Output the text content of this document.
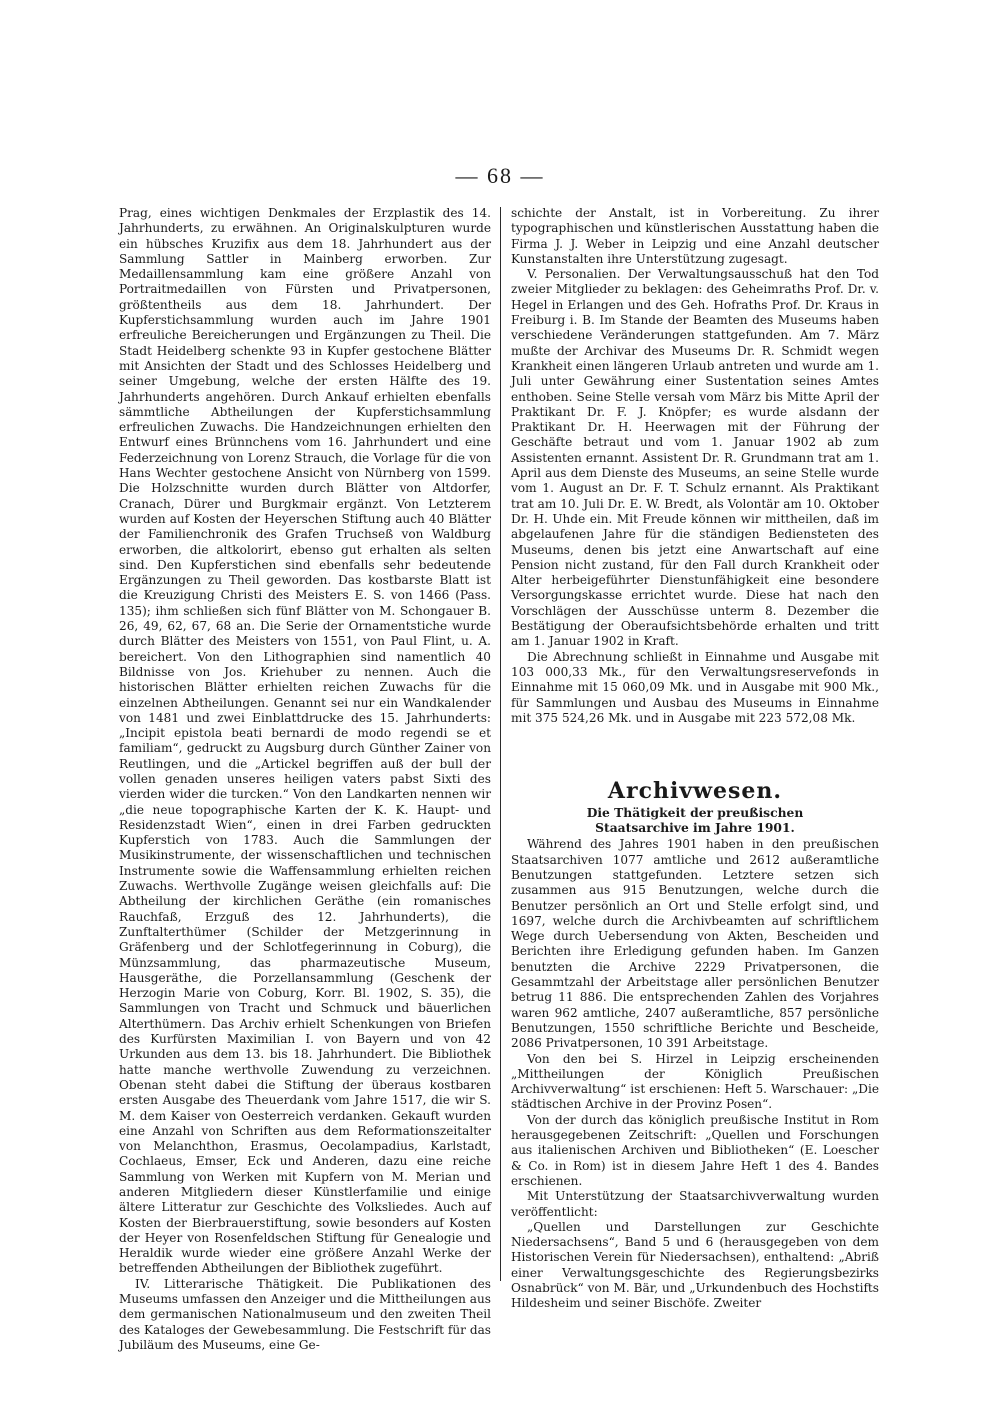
— 68 —

Prag, eines wichtigen Denkmales der Erzplastik des 14. Jahrhunderts, zu erwähnen. An Originalskulpturen wurde ein hübsches Kruzifix aus dem 18. Jahrhundert aus der Sammlung Sattler in Mainberg erworben. Zur Medaillensammlung kam eine größere Anzahl von Portraitmedaillen von Fürsten und Privatpersonen, größtentheils aus dem 18. Jahrhundert. Der Kupferstichsammlung wurden auch im Jahre 1901 erfreuliche Bereicherungen und Ergänzungen zu Theil. Die Stadt Heidelberg schenkte 93 in Kupfer gestochene Blätter mit Ansichten der Stadt und des Schlosses Heidelberg und seiner Umgebung, welche der ersten Hälfte des 19. Jahrhunderts angehören. Durch Ankauf erhielten ebenfalls sämmtliche Abtheilungen der Kupferstichsammlung erfreulichen Zuwachs. Die Handzeichnungen erhielten den Entwurf eines Brünnchens vom 16. Jahrhundert und eine Federzeichnung von Lorenz Strauch, die Vorlage für die von Hans Wechter gestochene Ansicht von Nürnberg von 1599. Die Holzschnitte wurden durch Blätter von Altdorfer, Cranach, Dürer und Burgkmair ergänzt. Von Letzterem wurden auf Kosten der Heyerschen Stiftung auch 40 Blätter der Familienchronik des Grafen Truchseß von Waldburg erworben, die altkolorirt, ebenso gut erhalten als selten sind. Den Kupferstichen sind ebenfalls sehr bedeutende Ergänzungen zu Theil geworden. Das kostbarste Blatt ist die Kreuzigung Christi des Meisters E. S. von 1466 (Pass. 135); ihm schließen sich fünf Blätter von M. Schongauer B. 26, 49, 62, 67, 68 an. Die Serie der Ornamentstiche wurde durch Blätter des Meisters von 1551, von Paul Flint, u. A. bereichert. Von den Lithographien sind namentlich 40 Bildnisse von Jos. Kriehuber zu nennen. Auch die historischen Blätter erhielten reichen Zuwachs für die einzelnen Abtheilungen. Genannt sei nur ein Wandkalender von 1481 und zwei Einblattdrucke des 15. Jahrhunderts: „Incipit epistola beati bernardi de modo regendi se et familiam“, gedruckt zu Augsburg durch Günther Zainer von Reutlingen, und die „Artickel begriffen auß der bull der vollen genaden unseres heiligen vaters pabst Sixti des vierden wider die turcken.“ Von den Landkarten nennen wir „die neue topographische Karten der K. K. Haupt- und Residenzstadt Wien“, einen in drei Farben gedruckten Kupferstich von 1783. Auch die Sammlungen der Musikinstrumente, der wissenschaftlichen und technischen Instrumente sowie die Waffensammlung erhielten reichen Zuwachs. Werthvolle Zugänge weisen gleichfalls auf: Die Abtheilung der kirchlichen Geräthe (ein romanisches Rauchfaß, Erzguß des 12. Jahrhunderts), die Zunftalterthümer (Schilder der Metzgerinnung in Gräfenberg und der Schlotfegerinnung in Coburg), die Münzsammlung, das pharmazeutische Museum, Hausgeräthe, die Porzellansammlung (Geschenk der Herzogin Marie von Coburg, Korr. Bl. 1902, S. 35), die Sammlungen von Tracht und Schmuck und bäuerlichen Alterthümern. Das Archiv erhielt Schenkungen von Briefen des Kurfürsten Maximilian I. von Bayern und von 42 Urkunden aus dem 13. bis 18. Jahrhundert. Die Bibliothek hatte manche werthvolle Zuwendung zu verzeichnen. Obenan steht dabei die Stiftung der überaus kostbaren ersten Ausgabe des Theuerdank vom Jahre 1517, die wir S. M. dem Kaiser von Oesterreich verdanken. Gekauft wurden eine Anzahl von Schriften aus dem Reformationszeitalter von Melanchthon, Erasmus, Oecolampadius, Karlstadt, Cochlaeus, Emser, Eck und Anderen, dazu eine reiche Sammlung von Werken mit Kupfern von M. Merian und anderen Mitgliedern dieser Künstlerfamilie und einige ältere Litteratur zur Geschichte des Volksliedes. Auch auf Kosten der Bierbrauerstiftung, sowie besonders auf Kosten der Heyer von Rosenfeldschen Stiftung für Genealogie und Heraldik wurde wieder eine größere Anzahl Werke der betreffenden Abtheilungen der Bibliothek zugeführt.

IV. Litterarische Thätigkeit. Die Publikationen des Museums umfassen den Anzeiger und die Mittheilungen aus dem germanischen Nationalmuseum und den zweiten Theil des Kataloges der Gewebesammlung. Die Festschrift für das Jubiläum des Museums, eine Ge-

schichte der Anstalt, ist in Vorbereitung. Zu ihrer typographischen und künstlerischen Ausstattung haben die Firma J. J. Weber in Leipzig und eine Anzahl deutscher Kunstanstalten ihre Unterstützung zugesagt.

V. Personalien. Der Verwaltungsausschuß hat den Tod zweier Mitglieder zu beklagen: des Geheimraths Prof. Dr. v. Hegel in Erlangen und des Geh. Hofraths Prof. Dr. Kraus in Freiburg i. B. Im Stande der Beamten des Museums haben verschiedene Veränderungen stattgefunden. Am 7. März mußte der Archivar des Museums Dr. R. Schmidt wegen Krankheit einen längeren Urlaub antreten und wurde am 1. Juli unter Gewährung einer Sustentation seines Amtes enthoben. Seine Stelle versah vom März bis Mitte April der Praktikant Dr. F. J. Knöpfer; es wurde alsdann der Praktikant Dr. H. Heerwagen mit der Führung der Geschäfte betraut und vom 1. Januar 1902 ab zum Assistenten ernannt. Assistent Dr. R. Grundmann trat am 1. April aus dem Dienste des Museums, an seine Stelle wurde vom 1. August an Dr. F. T. Schulz ernannt. Als Praktikant trat am 10. Juli Dr. E. W. Bredt, als Volontär am 10. Oktober Dr. H. Uhde ein. Mit Freude können wir mittheilen, daß im abgelaufenen Jahre für die ständigen Bediensteten des Museums, denen bis jetzt eine Anwartschaft auf eine Pension nicht zustand, für den Fall durch Krankheit oder Alter herbeigeführter Dienstunfähigkeit eine besondere Versorgungskasse errichtet wurde. Diese hat nach den Vorschlägen der Ausschüsse unterm 8. Dezember die Bestätigung der Oberaufsichtsbehörde erhalten und tritt am 1. Januar 1902 in Kraft.

Die Abrechnung schließt in Einnahme und Ausgabe mit 103 000,33 Mk., für den Verwaltungsreservefonds in Einnahme mit 15 060,09 Mk. und in Ausgabe mit 900 Mk., für Sammlungen und Ausbau des Museums in Einnahme mit 375 524,26 Mk. und in Ausgabe mit 223 572,08 Mk.

Archivwesen.
Die Thätigkeit der preußischen Staatsarchive im Jahre 1901.

Während des Jahres 1901 haben in den preußischen Staatsarchiven 1077 amtliche und 2612 außeramtliche Benutzungen stattgefunden. Letztere setzen sich zusammen aus 915 Benutzungen, welche durch die Benutzer persönlich an Ort und Stelle erfolgt sind, und 1697, welche durch die Archivbeamten auf schriftlichem Wege durch Uebersendung von Akten, Bescheiden und Berichten ihre Erledigung gefunden haben. Im Ganzen benutzten die Archive 2229 Privatpersonen, die Gesammtzahl der Arbeitstage aller persönlichen Benutzer betrug 11 886. Die entsprechenden Zahlen des Vorjahres waren 962 amtliche, 2407 außeramtliche, 857 persönliche Benutzungen, 1550 schriftliche Berichte und Bescheide, 2086 Privatpersonen, 10 391 Arbeitstage.

Von den bei S. Hirzel in Leipzig erscheinenden „Mittheilungen der Königlich Preußischen Archivverwaltung“ ist erschienen: Heft 5. Warschauer: „Die städtischen Archive in der Provinz Posen“.

Von der durch das königlich preußische Institut in Rom herausgegebenen Zeitschrift: „Quellen und Forschungen aus italienischen Archiven und Bibliotheken“ (E. Loescher & Co. in Rom) ist in diesem Jahre Heft 1 des 4. Bandes erschienen.

Mit Unterstützung der Staatsarchivverwaltung wurden veröffentlicht:

„Quellen und Darstellungen zur Geschichte Niedersachsens“, Band 5 und 6 (herausgegeben von dem Historischen Verein für Niedersachsen), enthaltend: „Abriß einer Verwaltungsgeschichte des Regierungsbezirks Osnabrück“ von M. Bär, und „Urkundenbuch des Hochstifts Hildesheim und seiner Bischöfe. Zweiter
